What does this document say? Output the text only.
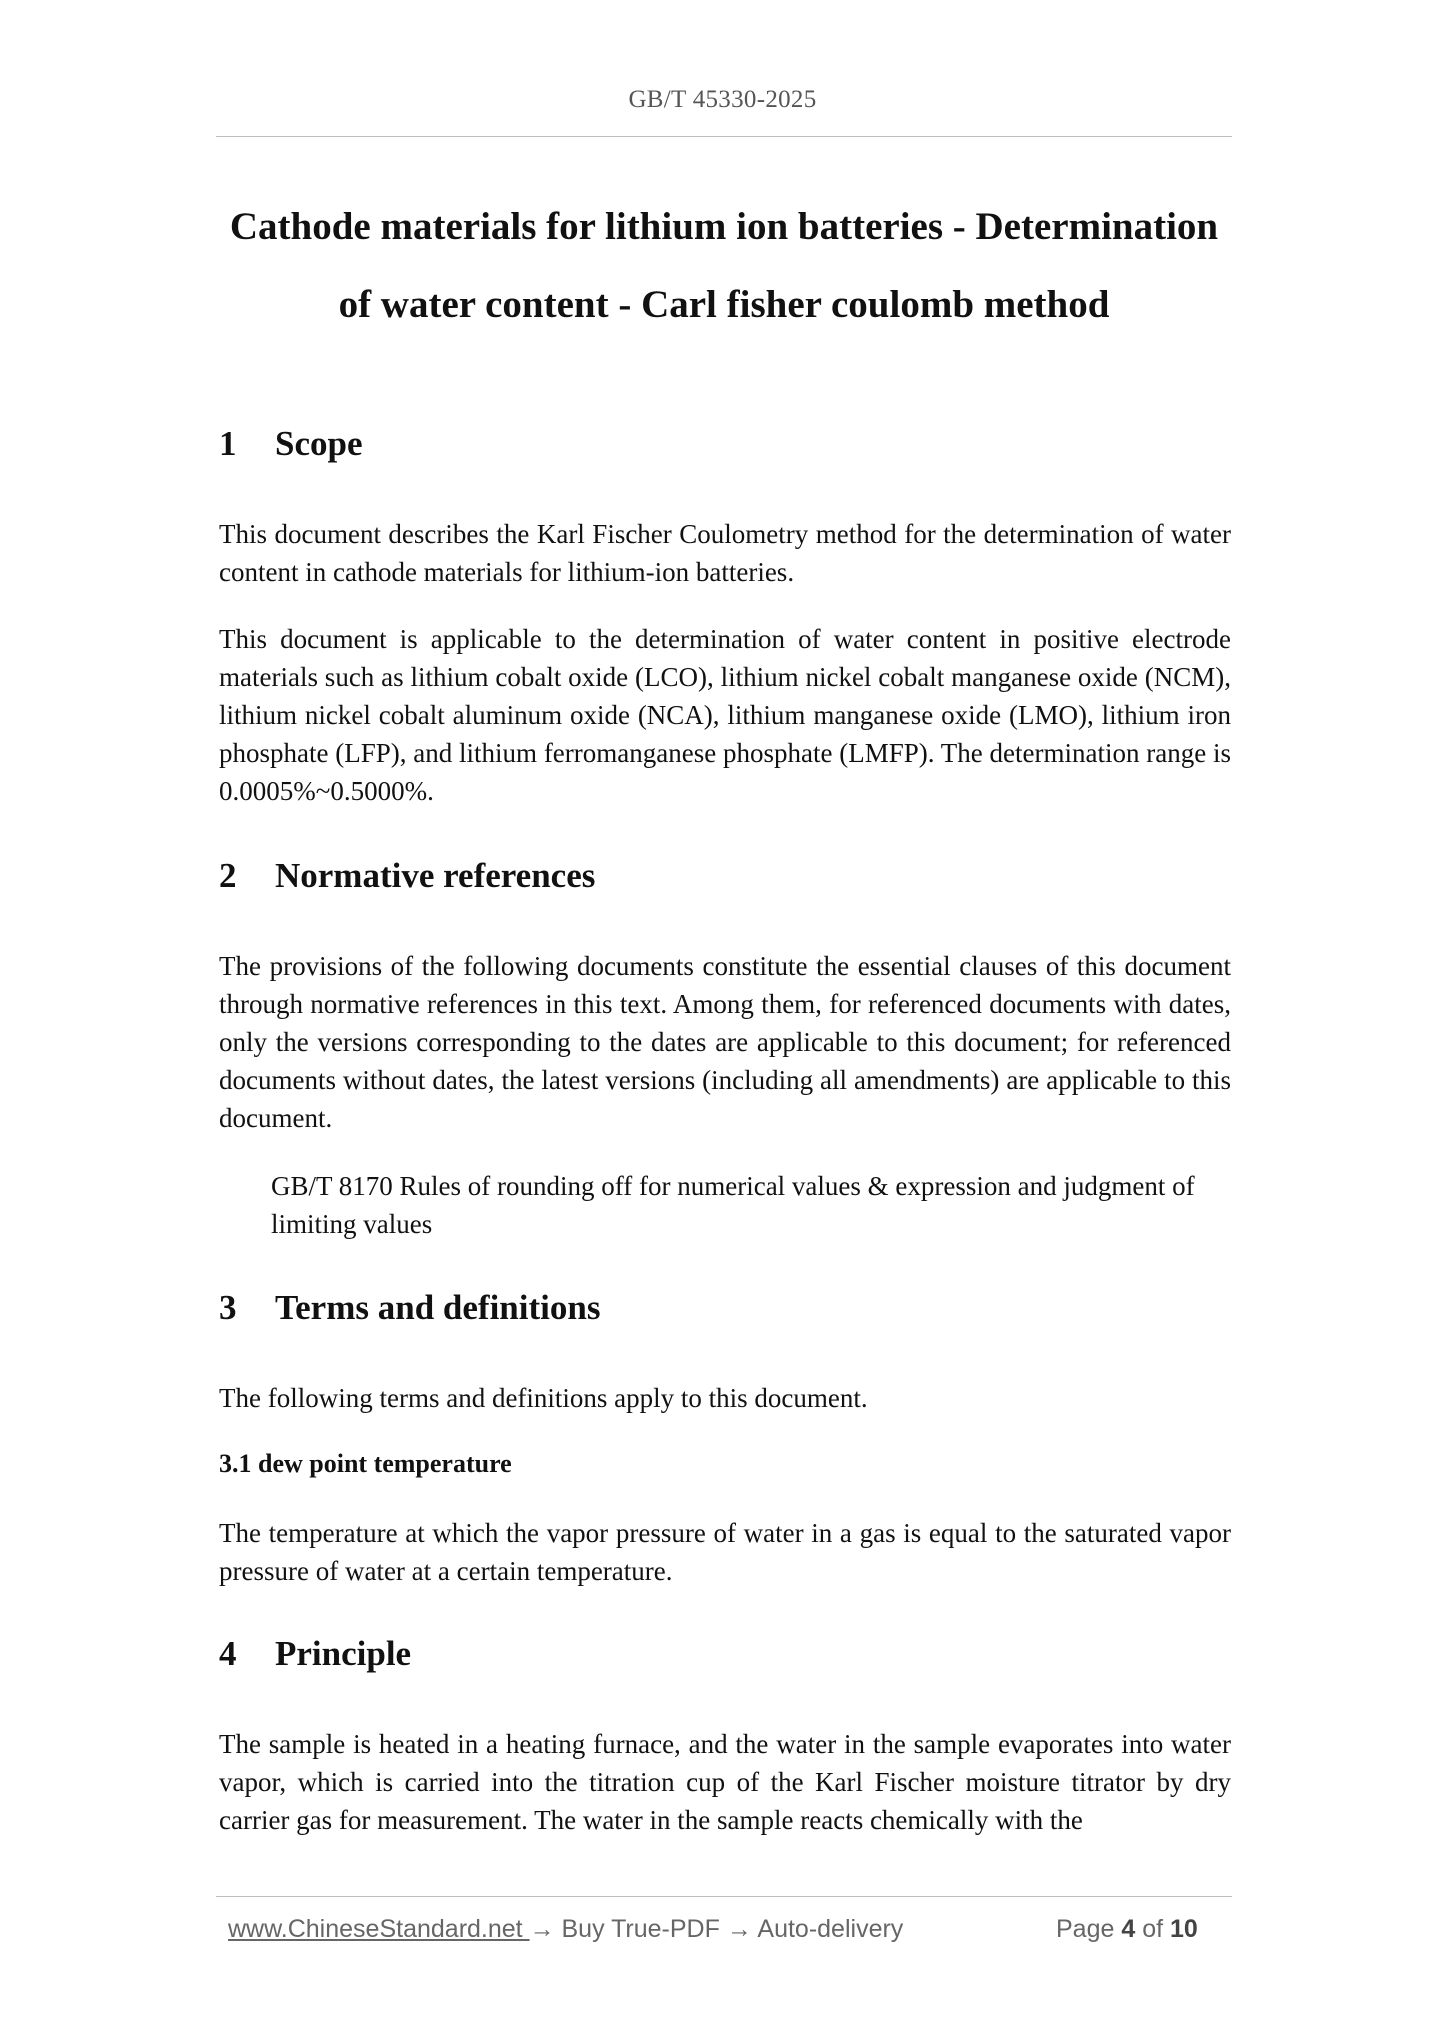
GB/T 45330-2025
Cathode materials for lithium ion batteries - Determination
of water content - Carl fisher coulomb method
1 Scope

This document describes the Karl Fischer Coulometry method for the determination of water content in cathode materials for lithium-ion batteries.

This document is applicable to the determination of water content in positive electrode materials such as lithium cobalt oxide (LCO), lithium nickel cobalt manganese oxide (NCM), lithium nickel cobalt aluminum oxide (NCA), lithium manganese oxide (LMO), lithium iron phosphate (LFP), and lithium ferromanganese phosphate (LMFP). The determination range is 0.0005%~0.5000%.

2 Normative references

The provisions of the following documents constitute the essential clauses of this document through normative references in this text. Among them, for referenced documents with dates, only the versions corresponding to the dates are applicable to this document; for referenced documents without dates, the latest versions (including all amendments) are applicable to this document.

GB/T 8170 Rules of rounding off for numerical values & expression and judgment of limiting values

3 Terms and definitions

The following terms and definitions apply to this document.

3.1 dew point temperature

The temperature at which the vapor pressure of water in a gas is equal to the saturated vapor pressure of water at a certain temperature.

4 Principle

The sample is heated in a heating furnace, and the water in the sample evaporates into water vapor, which is carried into the titration cup of the Karl Fischer moisture titrator by dry carrier gas for measurement. The water in the sample reacts chemically with the

www.ChineseStandard.net → Buy True-PDF → Auto-delivery	Page 4 of 10
